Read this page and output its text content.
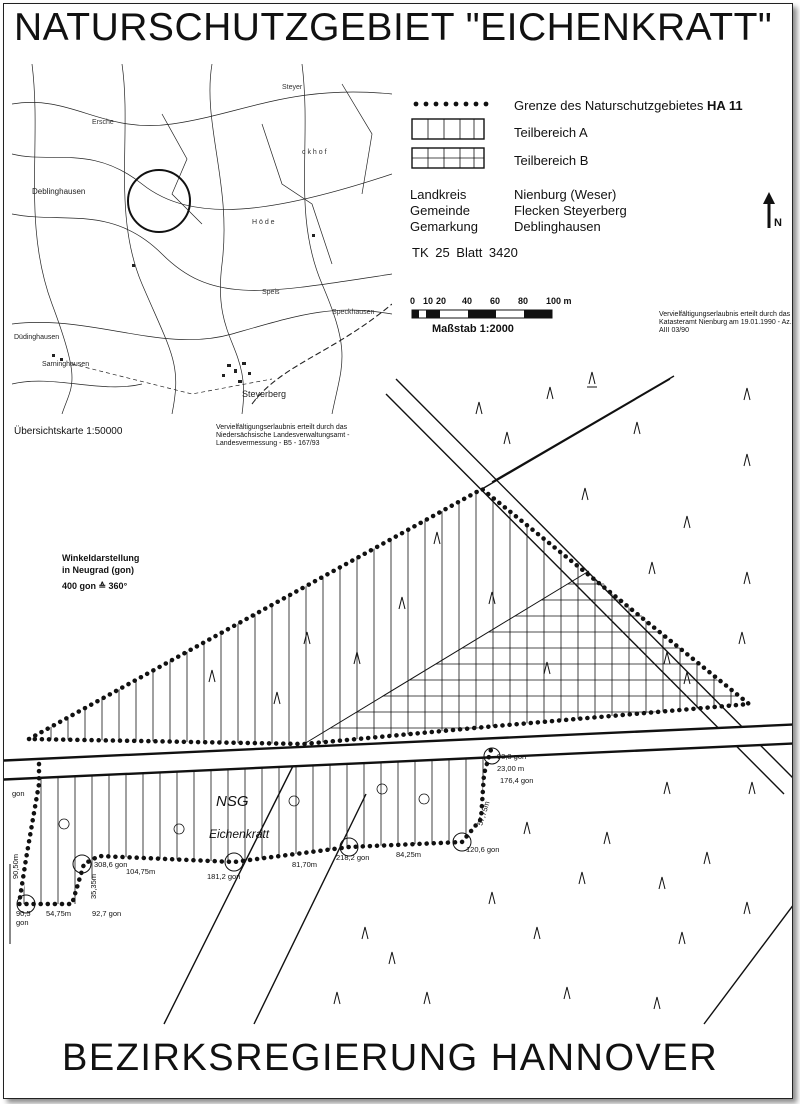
NATURSCHUTZGEBIET "EICHENKRATT"
Steyer
c k h o f
H ö d e
Speckhausen
Speis
Ersche
Deblinghausen
Steyerberg
Sarninghausen
Düdinghausen
Übersichtskarte 1:50000	Vervielfältigungserlaubnis erteilt durch das Niedersächsische Landesverwaltungsamt - Landesvermessung - B5 - 167/93
Grenze des Naturschutzgebietes HA 11
Teilbereich A
Teilbereich B
Landkreis
Gemeinde
Gemarkung
Nienburg (Weser)
Flecken Steyerberg
Deblinghausen
TK 25 Blatt 3420
N
0 10 20 40 60 80 100 m
Maßstab 1:2000
Vervielfältigungserlaubnis erteilt durch das Katasteramt Nienburg am 19.01.1990 - Az.: AIII 03/90
Winkeldarstellung
in Neugrad (gon)
400 gon ≙ 360°
NSG
Eichenkratt
93,3 gon
23,00 m
176,4 gon
57,75m
120,6 gon
84,25m
218,2 gon
81,70m
181,2 gon
104,75m
308,6 gon
35,35m
92,7 gon
54,75m
90,5
gon
90,50m
gon
BEZIRKSREGIERUNG HANNOVER
